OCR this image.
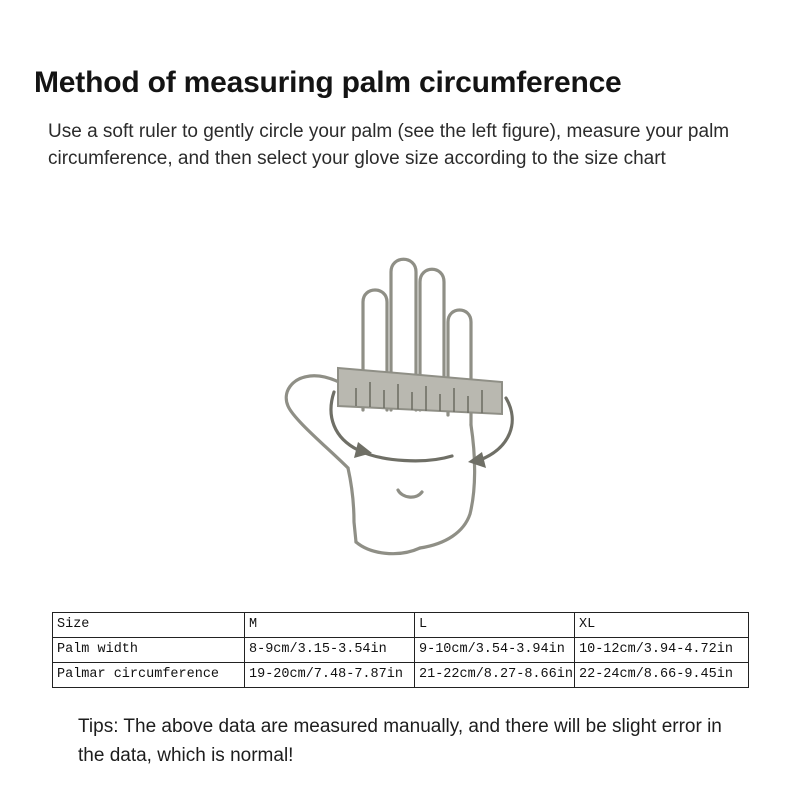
Method of measuring palm circumference
Use a soft ruler to gently circle your palm (see the left figure), measure your palm circumference, and then select your glove size according to the size chart
Size	M	L	XL
Palm width	8-9cm/3.15-3.54in	9-10cm/3.54-3.94in	10-12cm/3.94-4.72in
Palmar circumference	19-20cm/7.48-7.87in	21-22cm/8.27-8.66in	22-24cm/8.66-9.45in
Tips: The above data are measured manually, and there will be slight error in the data, which is normal!
